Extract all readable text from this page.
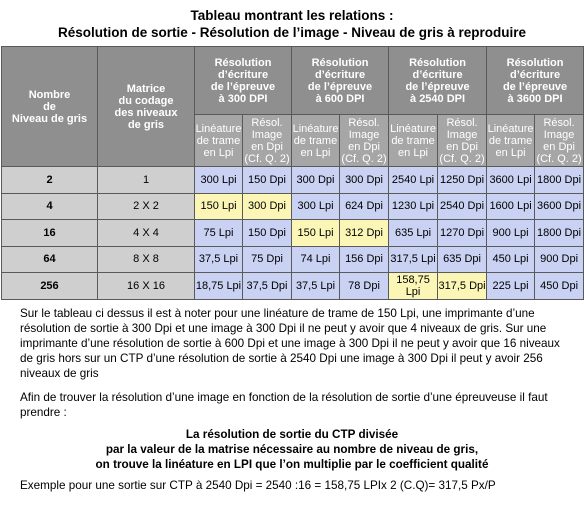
Tableau montrant les relations :
Résolution de sortie - Résolution de l’image - Niveau de gris à reproduire
Nombre
de
Niveau de gris	Matrice
du codage
des niveaux
de gris	Résolution
d’écriture
de l’épreuve
à 300 DPI		Résolution
d’écriture
de l’épreuve
à 600 DPI		Résolution
d’écriture
de l’épreuve
à 2540 DPI		Résolution
d’écriture
de l’épreuve
à 3600 DPI	
		Linéature
de trame
en Lpi	Résol.
Image
en Dpi
(Cf. Q. 2)	Linéature
de trame
en Lpi	Résol.
Image
en Dpi
(Cf. Q. 2)	Linéature
de trame
en Lpi	Résol.
Image
en Dpi
(Cf. Q. 2)	Linéature
de trame
en Lpi	Résol.
Image
en Dpi
(Cf. Q. 2)
2	1	300 Lpi	150 Dpi	300 Dpi	300 Dpi	2540 Lpi	1250 Dpi	3600 Lpi	1800 Dpi
4	2 X 2	150 Lpi	300 Dpi	300 Lpi	624 Dpi	1230 Lpi	2540 Dpi	1600 Lpi	3600 Dpi
16	4 X 4	75 Lpi	150 Dpi	150 Lpi	312 Dpi	635 Lpi	1270 Dpi	900 Lpi	1800 Dpi
64	8 X 8	37,5 Lpi	75 Dpi	74 Lpi	156 Dpi	317,5 Lpi	635 Dpi	450 Lpi	900 Dpi
256	16 X 16	18,75 Lpi	37,5 Dpi	37,5 Lpi	78 Dpi	158,75 Lpi	317,5 Dpi	225 Lpi	450 Dpi
Sur le tableau ci dessus il est à noter pour une linéature de trame de 150 Lpi, une imprimante d’une résolution de sortie à 300 Dpi et une image à 300 Dpi il ne peut y avoir que 4 niveaux de gris. Sur une imprimante d’une résolution de sortie à 600 Dpi et une image à 300 Dpi il ne peut y avoir que 16 niveaux de gris hors sur un CTP d’une résolution de sortie à 2540 Dpi une image à 300 Dpi il peut y avoir 256 niveaux de gris
Afin de trouver la résolution d’une image en fonction de la résolution de sortie d’une épreuveuse il faut prendre :
La résolution de sortie du CTP divisée
par la valeur de la matrise nécessaire au nombre de niveau de gris,
on trouve la linéature en LPI que l’on multiplie par le coefficient qualité
Exemple pour une sortie sur CTP à 2540 Dpi = 2540 :16 = 158,75 LPIx 2 (C.Q)= 317,5 Px/P
